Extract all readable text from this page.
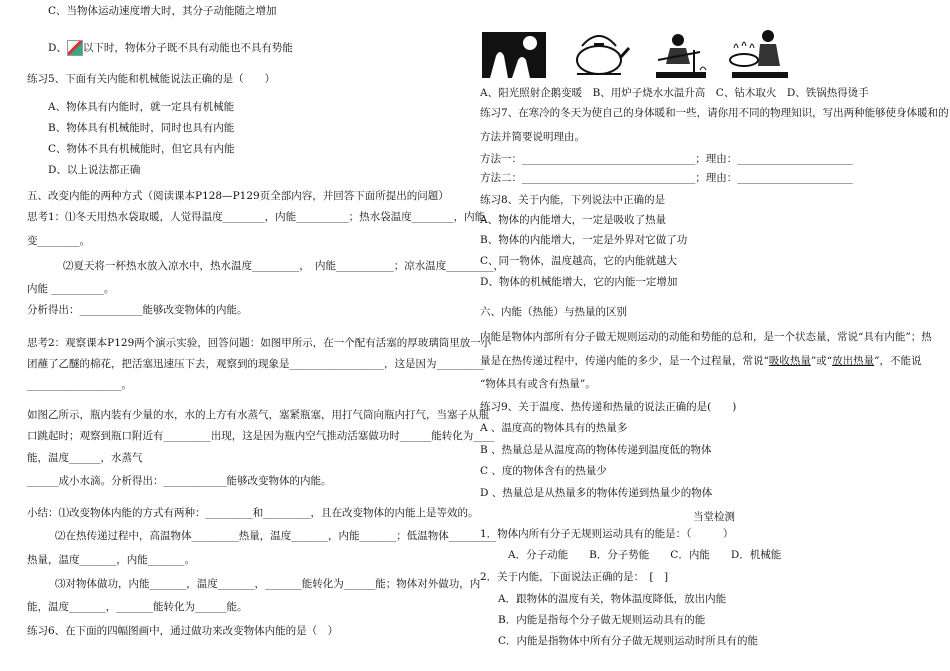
C、当物体运动速度增大时，其分子动能随之增加
D、 以下时，物体分子既不具有动能也不具有势能
练习5、下面有关内能和机械能说法正确的是（　　）
A、物体具有内能时，就一定具有机械能
B、物体具有机械能时，同时也具有内能
C、物体不具有机械能时，但它具有内能
D、以上说法都正确
五、改变内能的两种方式（阅读课本P128—P129页全部内容，并回答下面所提出的问题）
思考1：⑴冬天用热水袋取暖，人觉得温度________，内能__________；热水袋温度________，内能
变________。
⑵夏天将一杯热水放入凉水中，热水温度_________，　内能___________；凉水温度_________，
内能 __________。
分析得出：____________能够改变物体的内能。
思考2：观察课本P129两个演示实验，回答问题：如图甲所示，在一个配有活塞的厚玻璃筒里放一小
团蘸了乙醚的棉花，把活塞迅速压下去，观察到的现象是__________________，这是因为_________
__________________。
如图乙所示，瓶内装有少量的水，水的上方有水蒸气，塞紧瓶塞，用打气筒向瓶内打气，当塞子从瓶
口跳起时；观察到瓶口附近有_________出现，这是因为瓶内空气推动活塞做功时______能转化为____
能，温度______，水蒸气
______成小水滴。分析得出：____________能够改变物体的内能。
小结：⑴改变物体内能的方式有两种：_________和_________，且在改变物体的内能上是等效的。
⑵在热传递过程中，高温物体_________热量，温度_______，内能_______；低温物体_________
热量，温度_______，内能_______。
⑶对物体做功，内能_______，温度_______，_______能转化为______能；物体对外做功，内
能，温度_______，_______能转化为______能。
练习6、在下面的四幅图画中，通过做功来改变物体内能的是（　）
A、阳光照射企鹅变暖　B、用炉子烧水水温升高　C、钻木取火　D、铁锅热得烫手
练习7、在寒冷的冬天为使自己的身体暖和一些，请你用不同的物理知识，写出两种能够使身体暖和的
方法并简要说明理由。
方法一：_________________________________；理由：______________________
方法二：_________________________________；理由：______________________
练习8、关于内能，下列说法中正确的是
A、物体的内能增大，一定是吸收了热量
B、物体的内能增大，一定是外界对它做了功
C、同一物体，温度越高，它的内能就越大
D、物体的机械能增大，它的内能一定增加
六、内能（热能）与热量的区别
内能是物体内部所有分子做无规则运动的动能和势能的总和，是一个状态量，常说“具有内能”；热
量是在热传递过程中，传递内能的多少，是一个过程量，常说“吸收热量”或“放出热量”，不能说
“物体具有或含有热量”。
练习9、关于温度、热传递和热量的说法正确的是(　　)
A 、温度高的物体具有的热量多
B 、热量总是从温度高的物体传递到温度低的物体
C 、度的物体含有的热量少
D 、热量总是从热量多的物体传递到热量少的物体
当堂检测
1．物体内所有分子无规则运动具有的能是：（　　　）
A．分子动能　　B．分子势能　　C．内能　　D．机械能
2．关于内能，下面说法正确的是：　[　]
A．跟物体的温度有关，物体温度降低，放出内能
B．内能是指每个分子做无规则运动具有的能
C．内能是指物体中所有分子做无规则运动时所具有的能
